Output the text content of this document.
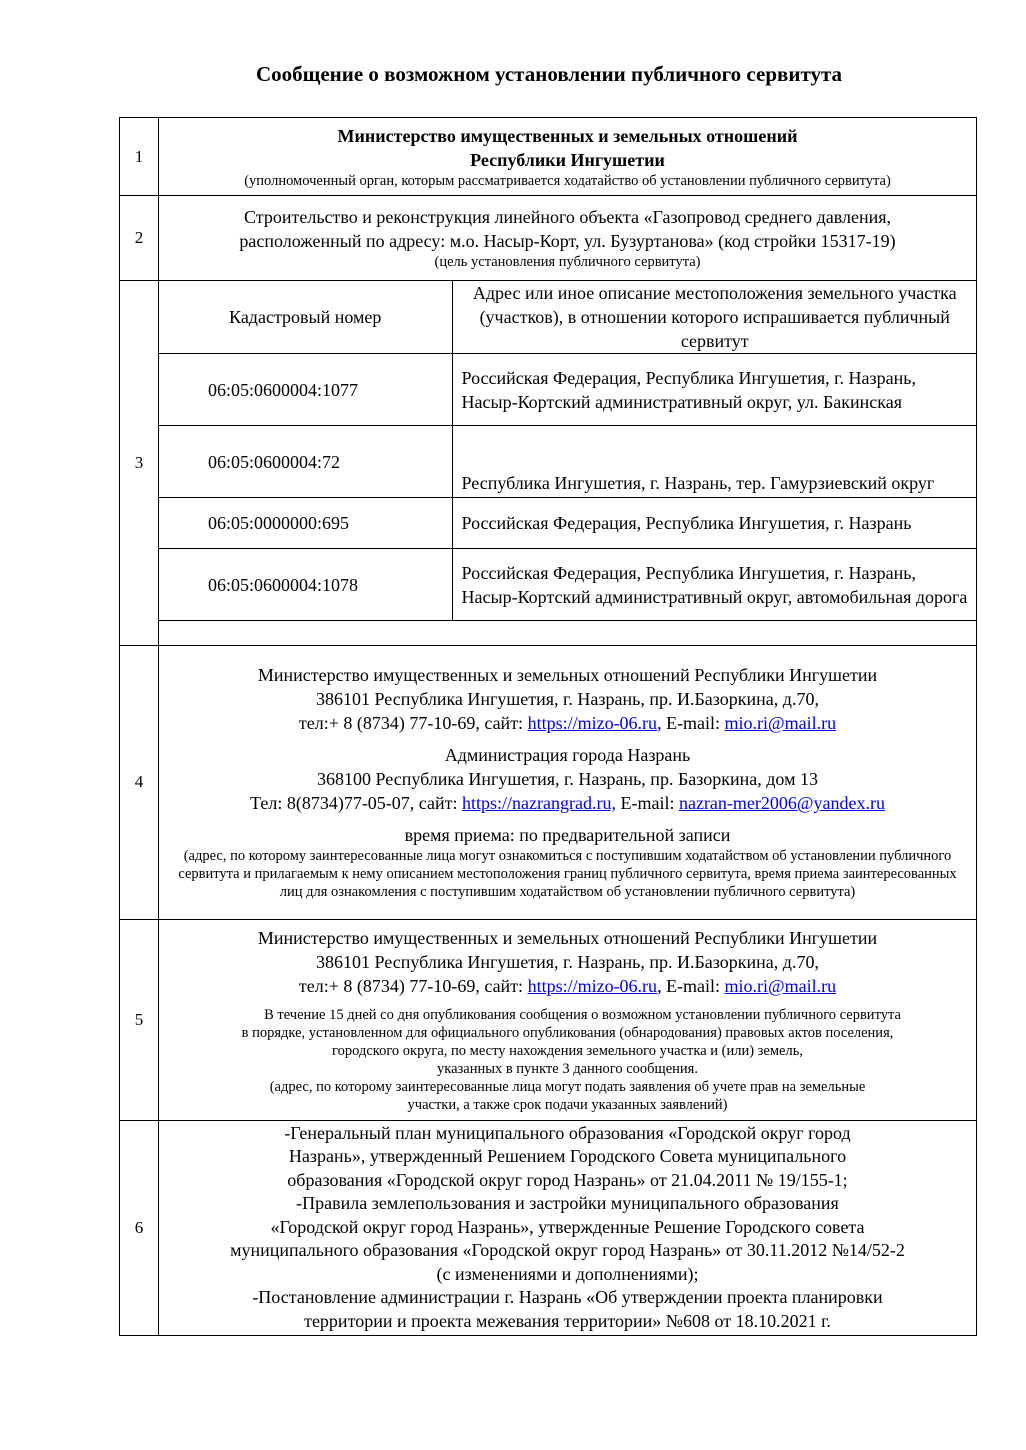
Сообщение о возможном установлении публичного сервитута
1	
Министерство имущественных и земельных отношений
Республики Ингушетии
(уполномоченный орган, которым рассматривается ходатайство об установлении публичного сервитута)

2	
Строительство и реконструкция линейного объекта «Газопровод среднего давления,
расположенный по адресу: м.о. Насыр-Корт, ул. Бузуртанова» (код стройки 15317-19)
(цель установления публичного сервитута)

3	
Кадастровый номер	Адрес или иное описание местоположения земельного участка (участков), в отношении которого испрашивается публичный сервитут
06:05:0600004:1077	Российская Федерация, Республика Ингушетия, г. Назрань, Насыр-Кортский административный округ, ул. Бакинская
06:05:0600004:72	Республика Ингушетия, г. Назрань, тер. Гамурзиевский округ
06:05:0000000:695	Российская Федерация, Республика Ингушетия, г. Назрань
06:05:0600004:1078	Российская Федерация, Республика Ингушетия, г. Назрань, Насыр-Кортский административный округ, автомобильная дорога

4	
Министерство имущественных и земельных отношений Республики Ингушетии
386101 Республика Ингушетия, г. Назрань, пр. И.Базоркина, д.70,
тел:+ 8 (8734) 77-10-69, сайт: https://mizo-06.ru, E-mail: mio.ri@mail.ru
Администрация города Назрань
368100 Республика Ингушетия, г. Назрань, пр. Базоркина, дом 13
Тел: 8(8734)77-05-07, сайт: https://nazrangrad.ru, E-mail: nazran-mer2006@yandex.ru
время приема: по предварительной записи
(адрес, по которому заинтересованные лица могут ознакомиться с поступившим ходатайством об установлении публичного сервитута и прилагаемым к нему описанием местоположения границ публичного сервитута, время приема заинтересованных лиц для ознакомления с поступившим ходатайством об установлении публичного сервитута)

5	
Министерство имущественных и земельных отношений Республики Ингушетии
386101 Республика Ингушетия, г. Назрань, пр. И.Базоркина, д.70,
тел:+ 8 (8734) 77-10-69, сайт: https://mizo-06.ru, E-mail: mio.ri@mail.ru
В течение 15 дней со дня опубликования сообщения о возможном установлении публичного сервитута
в порядке, установленном для официального опубликования (обнародования) правовых актов поселения,
городского округа, по месту нахождения земельного участка и (или) земель,
указанных в пункте 3 данного сообщения.
(адрес, по которому заинтересованные лица могут подать заявления об учете прав на земельные
участки, а также срок подачи указанных заявлений)

6	
-Генеральный план муниципального образования «Городской округ город
Назрань», утвержденный Решением Городского Совета муниципального
образования «Городской округ город Назрань» от 21.04.2011 № 19/155-1;
-Правила землепользования и застройки муниципального образования
«Городской округ город Назрань», утвержденные Решение Городского совета
муниципального образования «Городской округ город Назрань» от 30.11.2012 №14/52-2
(с изменениями и дополнениями);
-Постановление администрации г. Назрань «Об утверждении проекта планировки
территории и проекта межевания территории» №608 от 18.10.2021 г.
